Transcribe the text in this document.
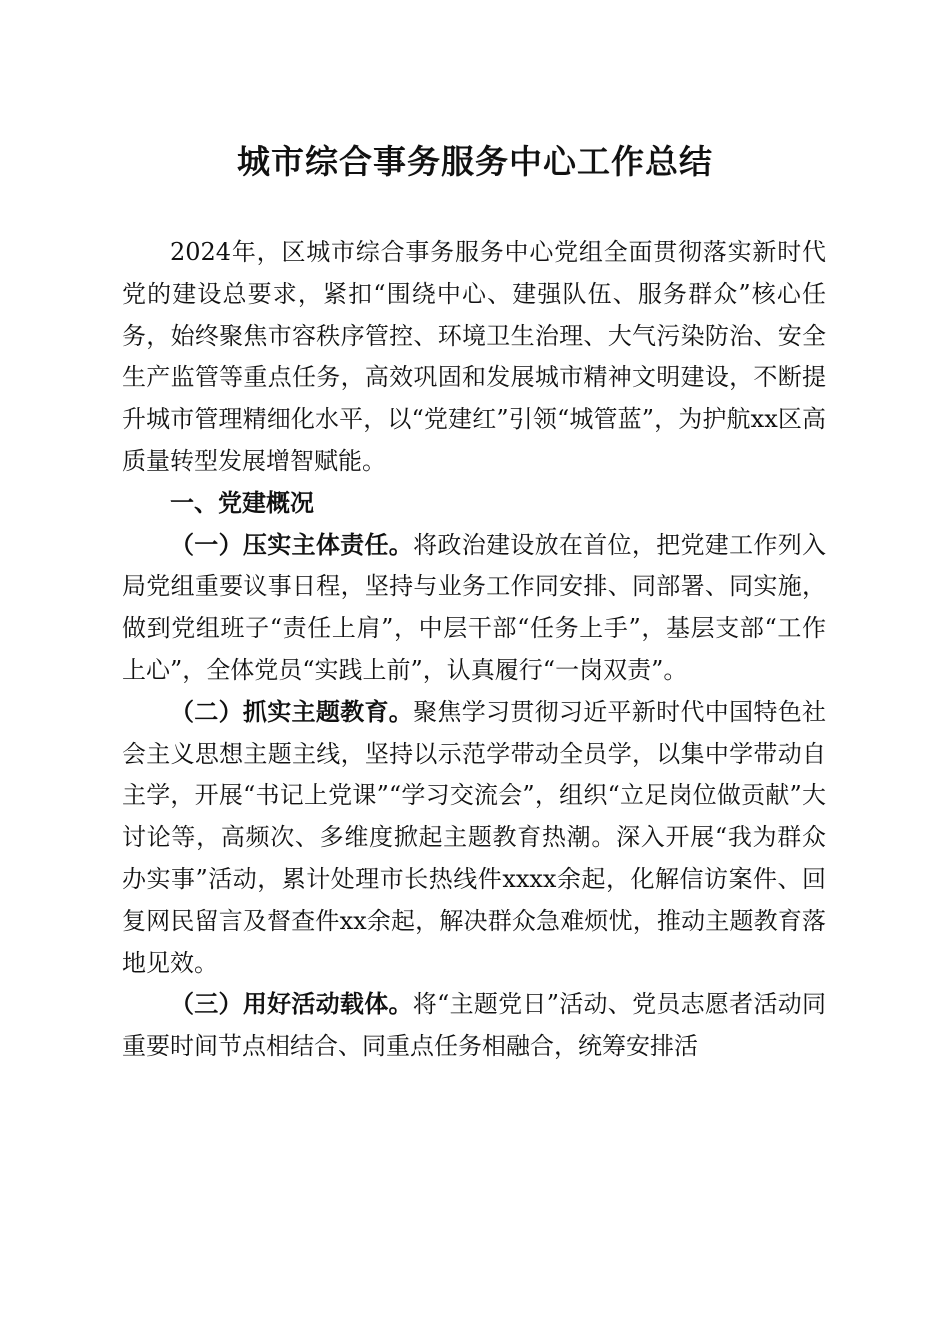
城市综合事务服务中心工作总结

2024年，区城市综合事务服务中心党组全面贯彻落实新时代党的建设总要求，紧扣“围绕中心、建强队伍、服务群众”核心任务，始终聚焦市容秩序管控、环境卫生治理、大气污染防治、安全生产监管等重点任务，高效巩固和发展城市精神文明建设，不断提升城市管理精细化水平，以“党建红”引领“城管蓝”，为护航xx区高质量转型发展增智赋能。

一、党建概况

（一）压实主体责任。将政治建设放在首位，把党建工作列入局党组重要议事日程，坚持与业务工作同安排、同部署、同实施，做到党组班子“责任上肩”，中层干部“任务上手”，基层支部“工作上心”，全体党员“实践上前”，认真履行“一岗双责”。

（二）抓实主题教育。聚焦学习贯彻习近平新时代中国特色社会主义思想主题主线，坚持以示范学带动全员学，以集中学带动自主学，开展“书记上党课”“学习交流会”，组织“立足岗位做贡献”大讨论等，高频次、多维度掀起主题教育热潮。深入开展“我为群众办实事”活动，累计处理市长热线件xxxx余起，化解信访案件、回复网民留言及督查件xx余起，解决群众急难烦忧，推动主题教育落地见效。

（三）用好活动载体。将“主题党日”活动、党员志愿者活动同重要时间节点相结合、同重点任务相融合，统筹安排活
